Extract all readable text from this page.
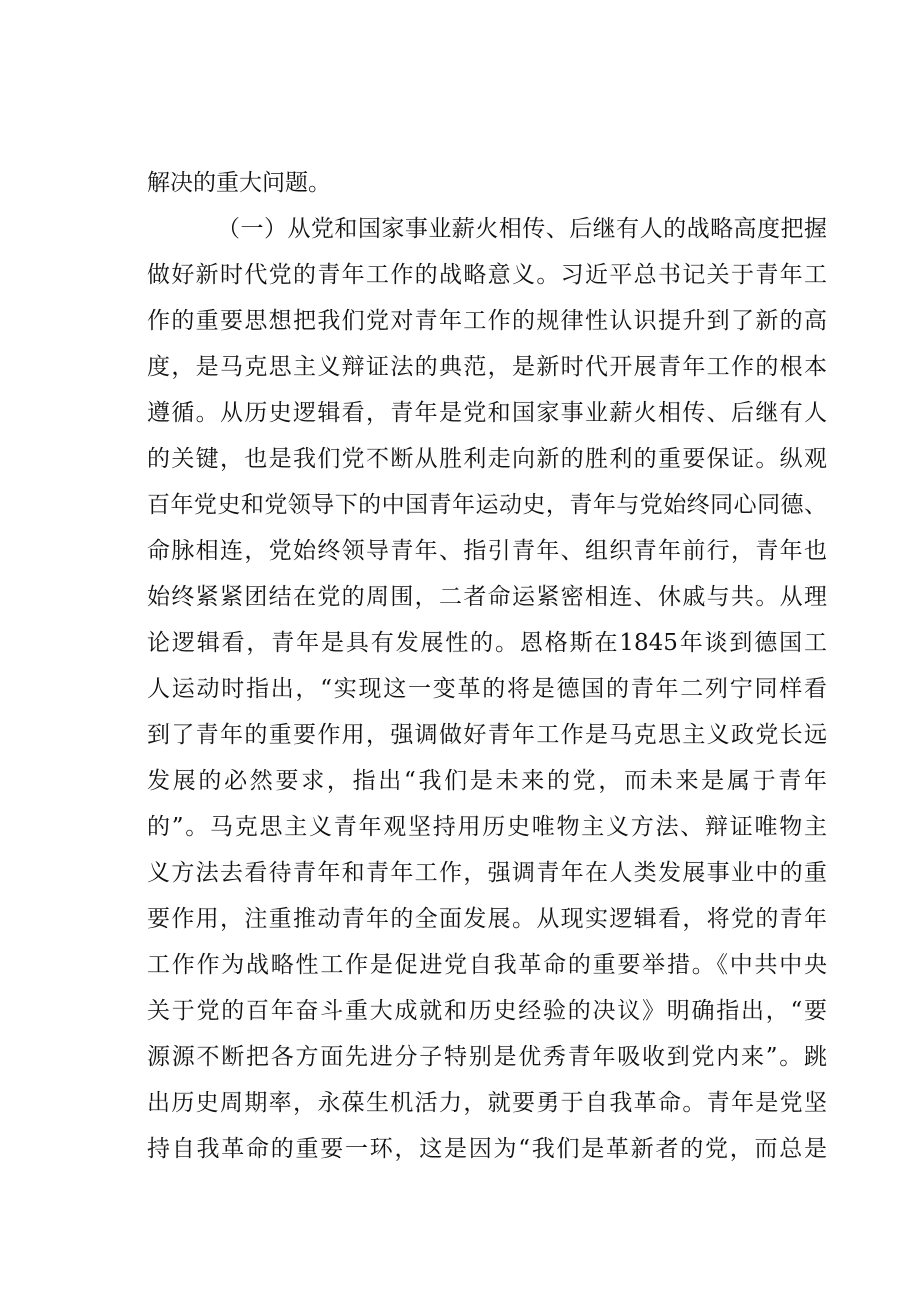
解决的重大问题。
（一）从党和国家事业薪火相传、后继有人的战略高度把握
做好新时代党的青年工作的战略意义。习近平总书记关于青年工
作的重要思想把我们党对青年工作的规律性认识提升到了新的高
度，是马克思主义辩证法的典范，是新时代开展青年工作的根本
遵循。从历史逻辑看，青年是党和国家事业薪火相传、后继有人
的关键，也是我们党不断从胜利走向新的胜利的重要保证。纵观
百年党史和党领导下的中国青年运动史，青年与党始终同心同德、
命脉相连，党始终领导青年、指引青年、组织青年前行，青年也
始终紧紧团结在党的周围，二者命运紧密相连、休戚与共。从理
论逻辑看，青年是具有发展性的。恩格斯在1845年谈到德国工
人运动时指出，“实现这一变革的将是德国的青年二列宁同样看
到了青年的重要作用，强调做好青年工作是马克思主义政党长远
发展的必然要求，指出“我们是未来的党，而未来是属于青年
的”。马克思主义青年观坚持用历史唯物主义方法、辩证唯物主
义方法去看待青年和青年工作，强调青年在人类发展事业中的重
要作用，注重推动青年的全面发展。从现实逻辑看，将党的青年
工作作为战略性工作是促进党自我革命的重要举措。《中共中央
关于党的百年奋斗重大成就和历史经验的决议》明确指出，“要
源源不断把各方面先进分子特别是优秀青年吸收到党内来”。跳
出历史周期率，永葆生机活力，就要勇于自我革命。青年是党坚
持自我革命的重要一环，这是因为“我们是革新者的党，而总是
